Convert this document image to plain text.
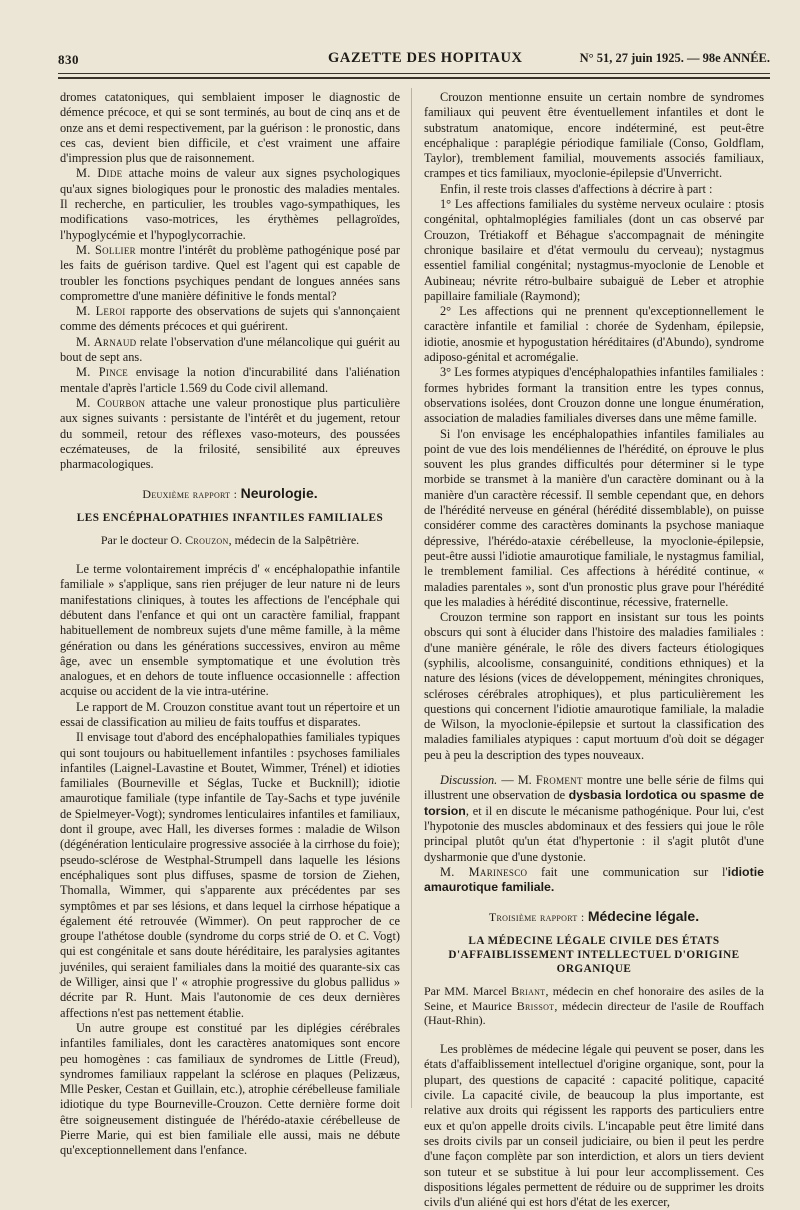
830	GAZETTE DES HOPITAUX	N° 51, 27 juin 1925. — 98e ANNÉE.

dromes catatoniques, qui semblaient imposer le diagnostic de démence précoce, et qui se sont terminés, au bout de cinq ans et de onze ans et demi respectivement, par la guérison : le pronostic, dans ces cas, devient bien difficile, et c'est vraiment une affaire d'impression plus que de raisonnement.

M. Dide attache moins de valeur aux signes psychologiques qu'aux signes biologiques pour le pronostic des maladies mentales. Il recherche, en particulier, les troubles vago-sympathiques, les modifications vaso-motrices, les érythèmes pellagroïdes, l'hypoglycémie et l'hypoglycorrachie.

M. Sollier montre l'intérêt du problème pathogénique posé par les faits de guérison tardive. Quel est l'agent qui est capable de troubler les fonctions psychiques pendant de longues années sans compromettre d'une manière définitive le fonds mental?

M. Leroi rapporte des observations de sujets qui s'annonçaient comme des déments précoces et qui guérirent.

M. Arnaud relate l'observation d'une mélancolique qui guérit au bout de sept ans.

M. Pince envisage la notion d'incurabilité dans l'aliénation mentale d'après l'article 1.569 du Code civil allemand.

M. Courbon attache une valeur pronostique plus particulière aux signes suivants : persistante de l'intérêt et du jugement, retour du sommeil, retour des réflexes vaso-moteurs, des poussées eczémateuses, de la frilosité, sensibilité aux épreuves pharmacologiques.

Deuxième rapport : Neurologie.
LES ENCÉPHALOPATHIES INFANTILES FAMILIALES
Par le docteur O. Crouzon, médecin de la Salpêtrière.

Le terme volontairement imprécis d' « encéphalopathie infantile familiale » s'applique, sans rien préjuger de leur nature ni de leurs manifestations cliniques, à toutes les affections de l'encéphale qui débutent dans l'enfance et qui ont un caractère familial, frappant habituellement de nombreux sujets d'une même famille, à la même génération ou dans les générations successives, environ au même âge, avec un ensemble symptomatique et une évolution très analogues, et en dehors de toute influence occasionnelle : affection acquise ou accident de la vie intra-utérine.

Le rapport de M. Crouzon constitue avant tout un répertoire et un essai de classification au milieu de faits touffus et disparates.

Il envisage tout d'abord des encéphalopathies familiales typiques qui sont toujours ou habituellement infantiles : psychoses familiales infantiles (Laignel-Lavastine et Boutet, Wimmer, Trénel) et idioties familiales (Bourneville et Séglas, Tucke et Bucknill); idiotie amaurotique familiale (type infantile de Tay-Sachs et type juvénile de Spielmeyer-Vogt); syndromes lenticulaires infantiles et familiaux, dont il groupe, avec Hall, les diverses formes : maladie de Wilson (dégénération lenticulaire progressive associée à la cirrhose du foie); pseudo-sclérose de Westphal-Strumpell dans laquelle les lésions encéphaliques sont plus diffuses, spasme de torsion de Ziehen, Thomalla, Wimmer, qui s'apparente aux précédentes par ses symptômes et par ses lésions, et dans lequel la cirrhose hépatique a également été retrouvée (Wimmer). On peut rapprocher de ce groupe l'athétose double (syndrome du corps strié de O. et C. Vogt) qui est congénitale et sans doute héréditaire, les paralysies agitantes juvéniles, qui seraient familiales dans la moitié des quarante-six cas de Williger, ainsi que l' « atrophie progressive du globus pallidus » décrite par R. Hunt. Mais l'autonomie de ces deux dernières affections n'est pas nettement établie.

Un autre groupe est constitué par les diplégies cérébrales infantiles familiales, dont les caractères anatomiques sont encore peu homogènes : cas familiaux de syndromes de Little (Freud), syndromes familiaux rappelant la sclérose en plaques (Pelizæus, Mlle Pesker, Cestan et Guillain, etc.), atrophie cérébelleuse familiale idiotique du type Bourneville-Crouzon. Cette dernière forme doit être soigneusement distinguée de l'hérédo-ataxie cérébelleuse de Pierre Marie, qui est bien familiale elle aussi, mais ne débute qu'exceptionnellement dans l'enfance.

Crouzon mentionne ensuite un certain nombre de syndromes familiaux qui peuvent être éventuellement infantiles et dont le substratum anatomique, encore indéterminé, est peut-être encéphalique : paraplégie périodique familiale (Conso, Goldflam, Taylor), tremblement familial, mouvements associés familiaux, crampes et tics familiaux, myoclonie-épilepsie d'Unverricht.

Enfin, il reste trois classes d'affections à décrire à part :

1° Les affections familiales du système nerveux oculaire : ptosis congénital, ophtalmoplégies familiales (dont un cas observé par Crouzon, Trétiakoff et Béhague s'accompagnait de méningite chronique basilaire et d'état vermoulu du cerveau); nystagmus essentiel familial congénital; nystagmus-myoclonie de Lenoble et Aubineau; névrite rétro-bulbaire subaiguë de Leber et atrophie papillaire familiale (Raymond);

2° Les affections qui ne prennent qu'exceptionnellement le caractère infantile et familial : chorée de Sydenham, épilepsie, idiotie, anosmie et hypogustation héréditaires (d'Abundo), syndrome adiposo-génital et acromégalie.

3° Les formes atypiques d'encéphalopathies infantiles familiales : formes hybrides formant la transition entre les types connus, observations isolées, dont Crouzon donne une longue énumération, association de maladies familiales diverses dans une même famille.

Si l'on envisage les encéphalopathies infantiles familiales au point de vue des lois mendéliennes de l'hérédité, on éprouve le plus souvent les plus grandes difficultés pour déterminer si le type morbide se transmet à la manière d'un caractère dominant ou à la manière d'un caractère récessif. Il semble cependant que, en dehors de l'hérédité nerveuse en général (hérédité dissemblable), on puisse considérer comme des caractères dominants la psychose maniaque dépressive, l'hérédo-ataxie cérébelleuse, la myoclonie-épilepsie, peut-être aussi l'idiotie amaurotique familiale, le nystagmus familial, le tremblement familial. Ces affections à hérédité continue, « maladies parentales », sont d'un pronostic plus grave pour l'hérédité que les maladies à hérédité discontinue, récessive, fraternelle.

Crouzon termine son rapport en insistant sur tous les points obscurs qui sont à élucider dans l'histoire des maladies familiales : d'une manière générale, le rôle des divers facteurs étiologiques (syphilis, alcoolisme, consanguinité, conditions ethniques) et la nature des lésions (vices de développement, méningites chroniques, scléroses cérébrales atrophiques), et plus particulièrement les questions qui concernent l'idiotie amaurotique familiale, la maladie de Wilson, la myoclonie-épilepsie et surtout la classification des maladies familiales atypiques : caput mortuum d'où doit se dégager peu à peu la description des types nouveaux.

Discussion. — M. Froment montre une belle série de films qui illustrent une observation de dysbasia lordotica ou spasme de torsion, et il en discute le mécanisme pathogénique. Pour lui, c'est l'hypotonie des muscles abdominaux et des fessiers qui joue le rôle principal plutôt qu'un état d'hypertonie : il s'agit plutôt d'une dysharmonie que d'une dystonie.

M. Marinesco fait une communication sur l'idiotie amaurotique familiale.

Troisième rapport : Médecine légale.
LA MÉDECINE LÉGALE CIVILE DES ÉTATS D'AFFAIBLISSEMENT INTELLECTUEL D'ORIGINE ORGANIQUE
Par MM. Marcel Briant, médecin en chef honoraire des asiles de la Seine, et Maurice Brissot, médecin directeur de l'asile de Rouffach (Haut-Rhin).

Les problèmes de médecine légale qui peuvent se poser, dans les états d'affaiblissement intellectuel d'origine organique, sont, pour la plupart, des questions de capacité : capacité politique, capacité civile. La capacité civile, de beaucoup la plus importante, est relative aux droits qui régissent les rapports des particuliers entre eux et qu'on appelle droits civils. L'incapable peut être limité dans ses droits civils par un conseil judiciaire, ou bien il peut les perdre d'une façon complète par son interdiction, et alors un tiers devient son tuteur et se substitue à lui pour leur accomplissement. Ces dispositions légales permettent de réduire ou de supprimer les droits civils d'un aliéné qui est hors d'état de les exercer,
